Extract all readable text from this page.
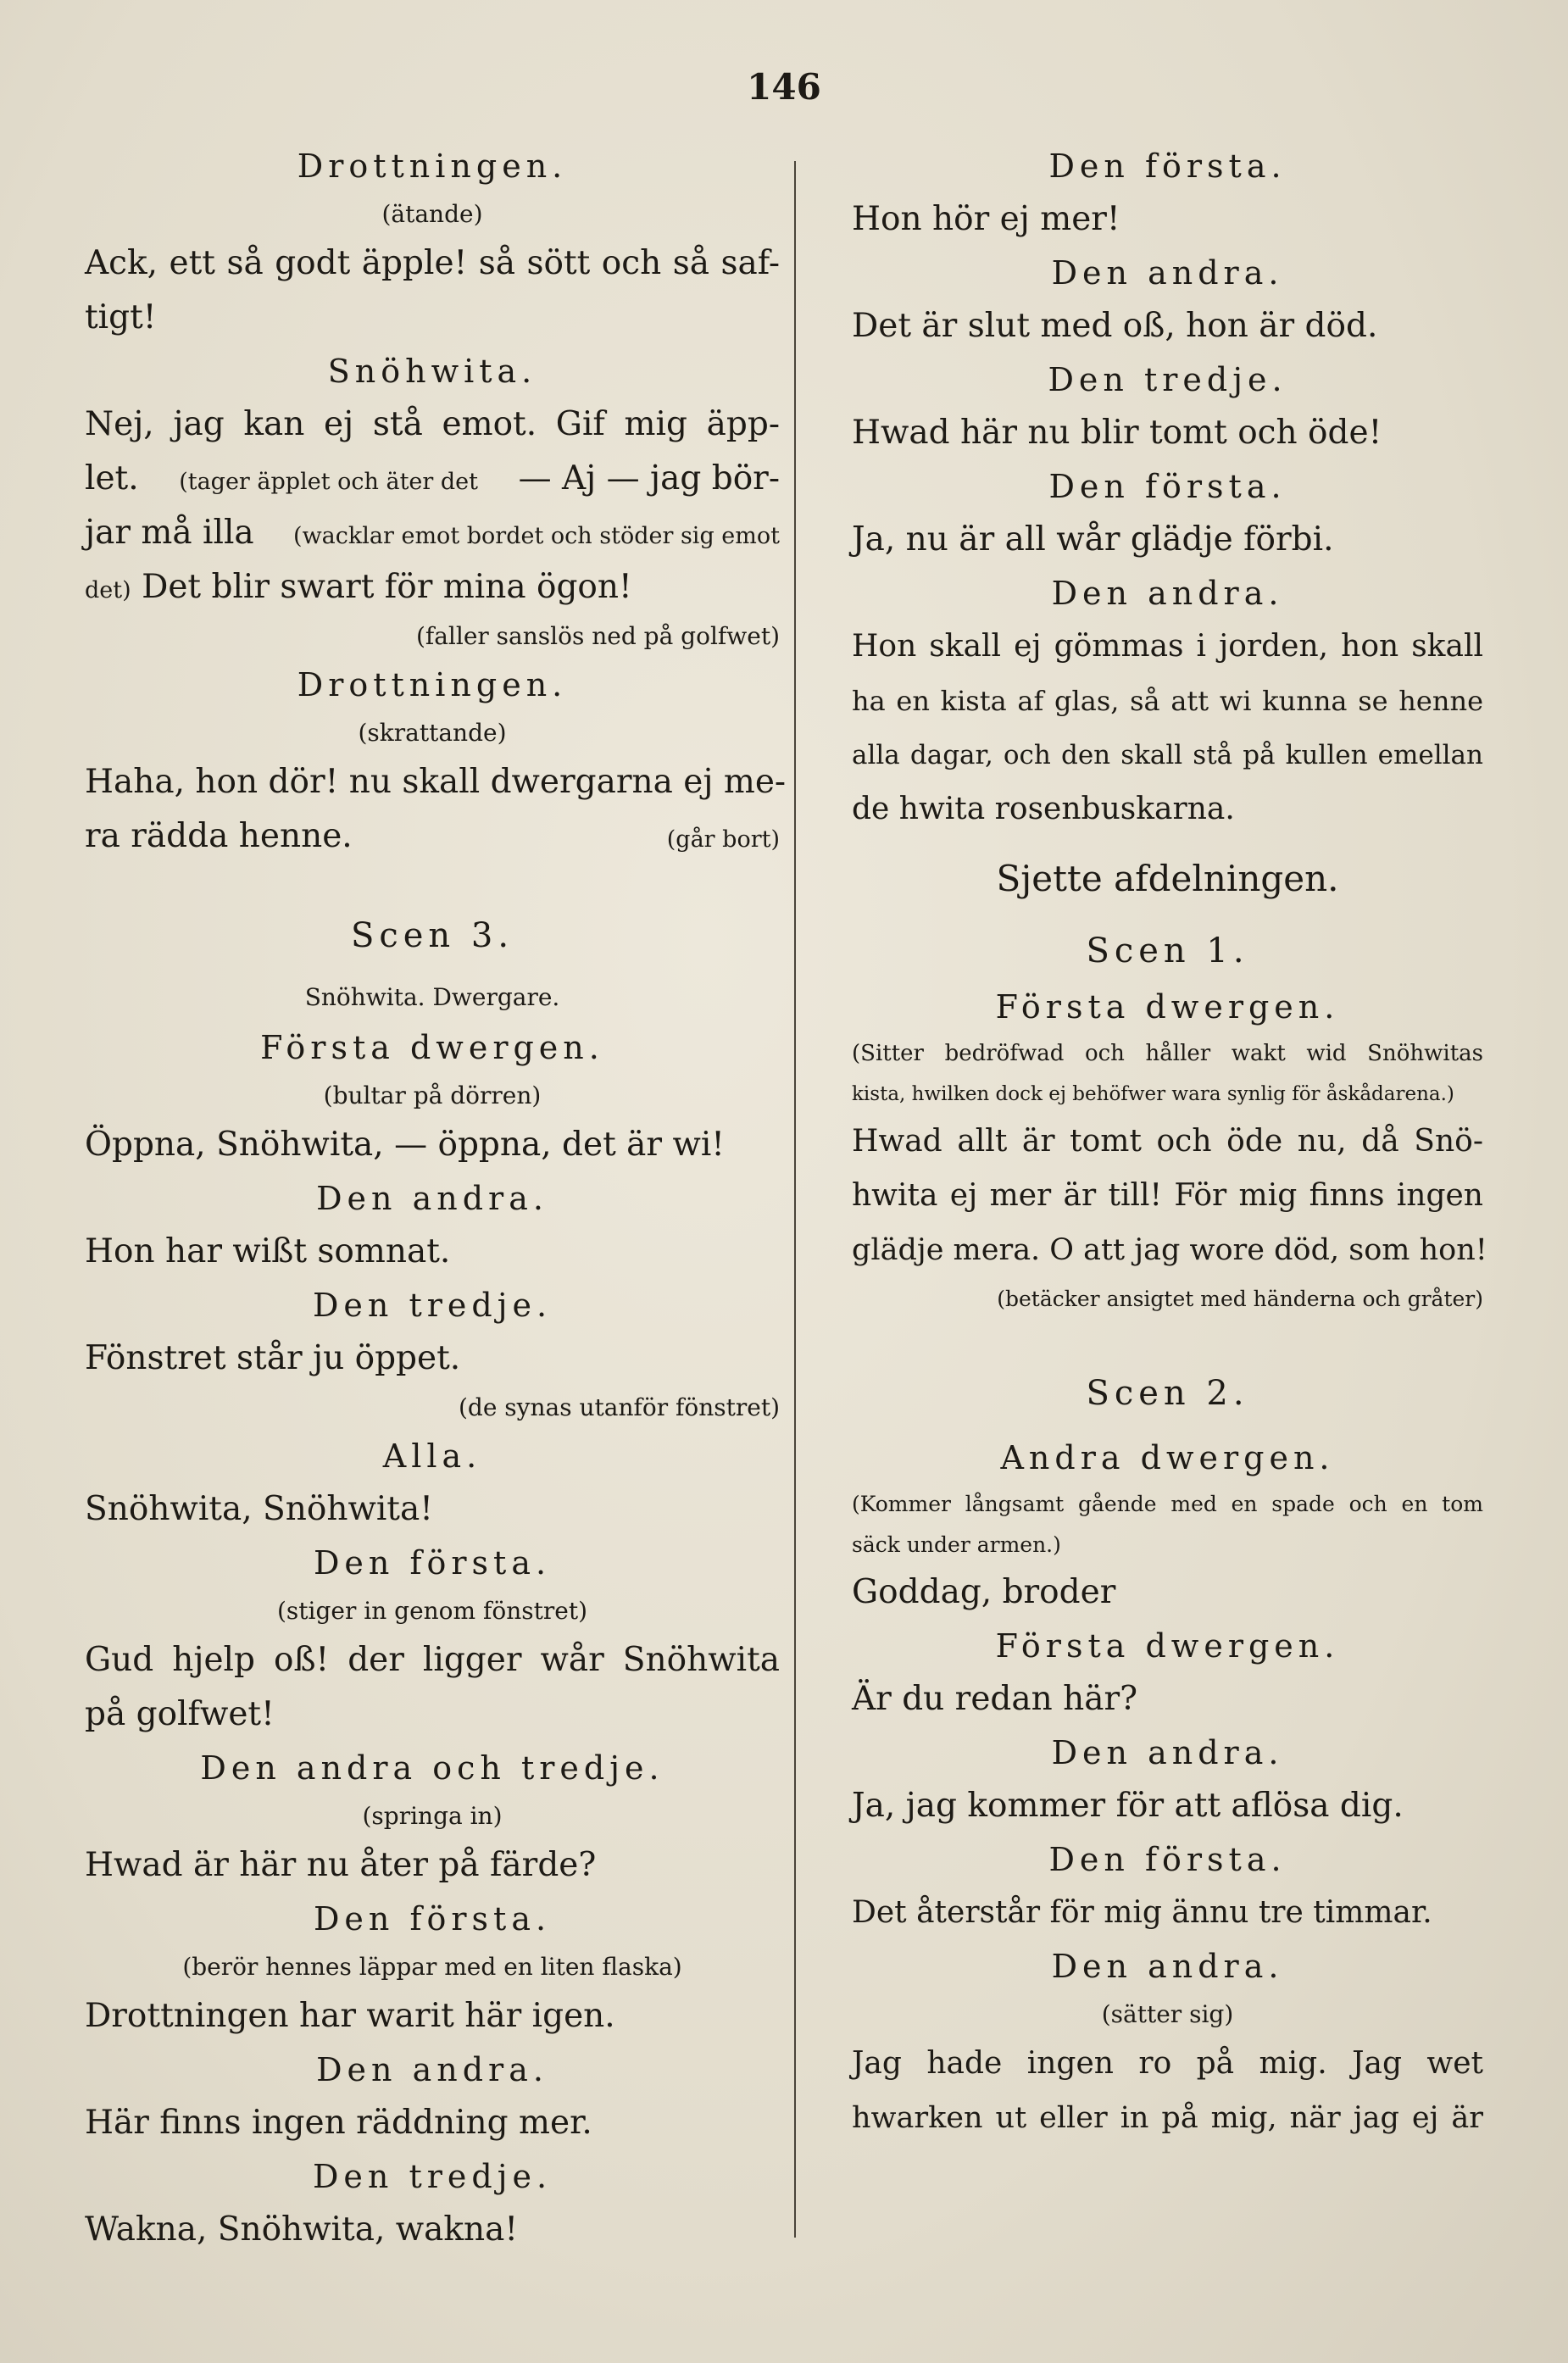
146
Drottningen.
(ätande)
Ack, ett så godt äpple! så sött och så saf-
tigt!
Snöhwita.
Nej, jag kan ej stå emot. Gif mig äpp-
let. (tager äpplet och äter det — Aj — jag bör-
jar må illa (wacklar emot bordet och stöder sig emot
det) Det blir swart för mina ögon!
(faller sanslös ned på golfwet)
Drottningen.
(skrattande)
Haha, hon dör! nu skall dwergarna ej me-
ra rädda henne.	(går bort)
Scen 3.
Snöhwita. Dwergare.
Första dwergen.
(bultar på dörren)
Öppna, Snöhwita, — öppna, det är wi!
Den andra.
Hon har wißt somnat.
Den tredje.
Fönstret står ju öppet.
(de synas utanför fönstret)
Alla.
Snöhwita, Snöhwita!
Den första.
(stiger in genom fönstret)
Gud hjelp oß! der ligger wår Snöhwita
på golfwet!
Den andra och tredje.
(springa in)
Hwad är här nu åter på färde?
Den första.
(berör hennes läppar med en liten flaska)
Drottningen har warit här igen.
Den andra.
Här finns ingen räddning mer.
Den tredje.
Wakna, Snöhwita, wakna!
Den första.
Hon hör ej mer!
Den andra.
Det är slut med oß, hon är död.
Den tredje.
Hwad här nu blir tomt och öde!
Den första.
Ja, nu är all wår glädje förbi.
Den andra.
Hon skall ej gömmas i jorden, hon skall
ha en kista af glas, så att wi kunna se henne
alla dagar, och den skall stå på kullen emellan
de hwita rosenbuskarna.
Sjette afdelningen.
Scen 1.
Första dwergen.
(Sitter bedröfwad och håller wakt wid Snöhwitas
kista, hwilken dock ej behöfwer wara synlig för åskådarena.)
Hwad allt är tomt och öde nu, då Snö-
hwita ej mer är till! För mig finns ingen
glädje mera. O att jag wore död, som hon!
(betäcker ansigtet med händerna och gråter)
Scen 2.
Andra dwergen.
(Kommer långsamt gående med en spade och en tom
säck under armen.)
Goddag, broder
Första dwergen.
Är du redan här?
Den andra.
Ja, jag kommer för att aflösa dig.
Den första.
Det återstår för mig ännu tre timmar.
Den andra.
(sätter sig)
Jag hade ingen ro på mig. Jag wet
hwarken ut eller in på mig, när jag ej är
